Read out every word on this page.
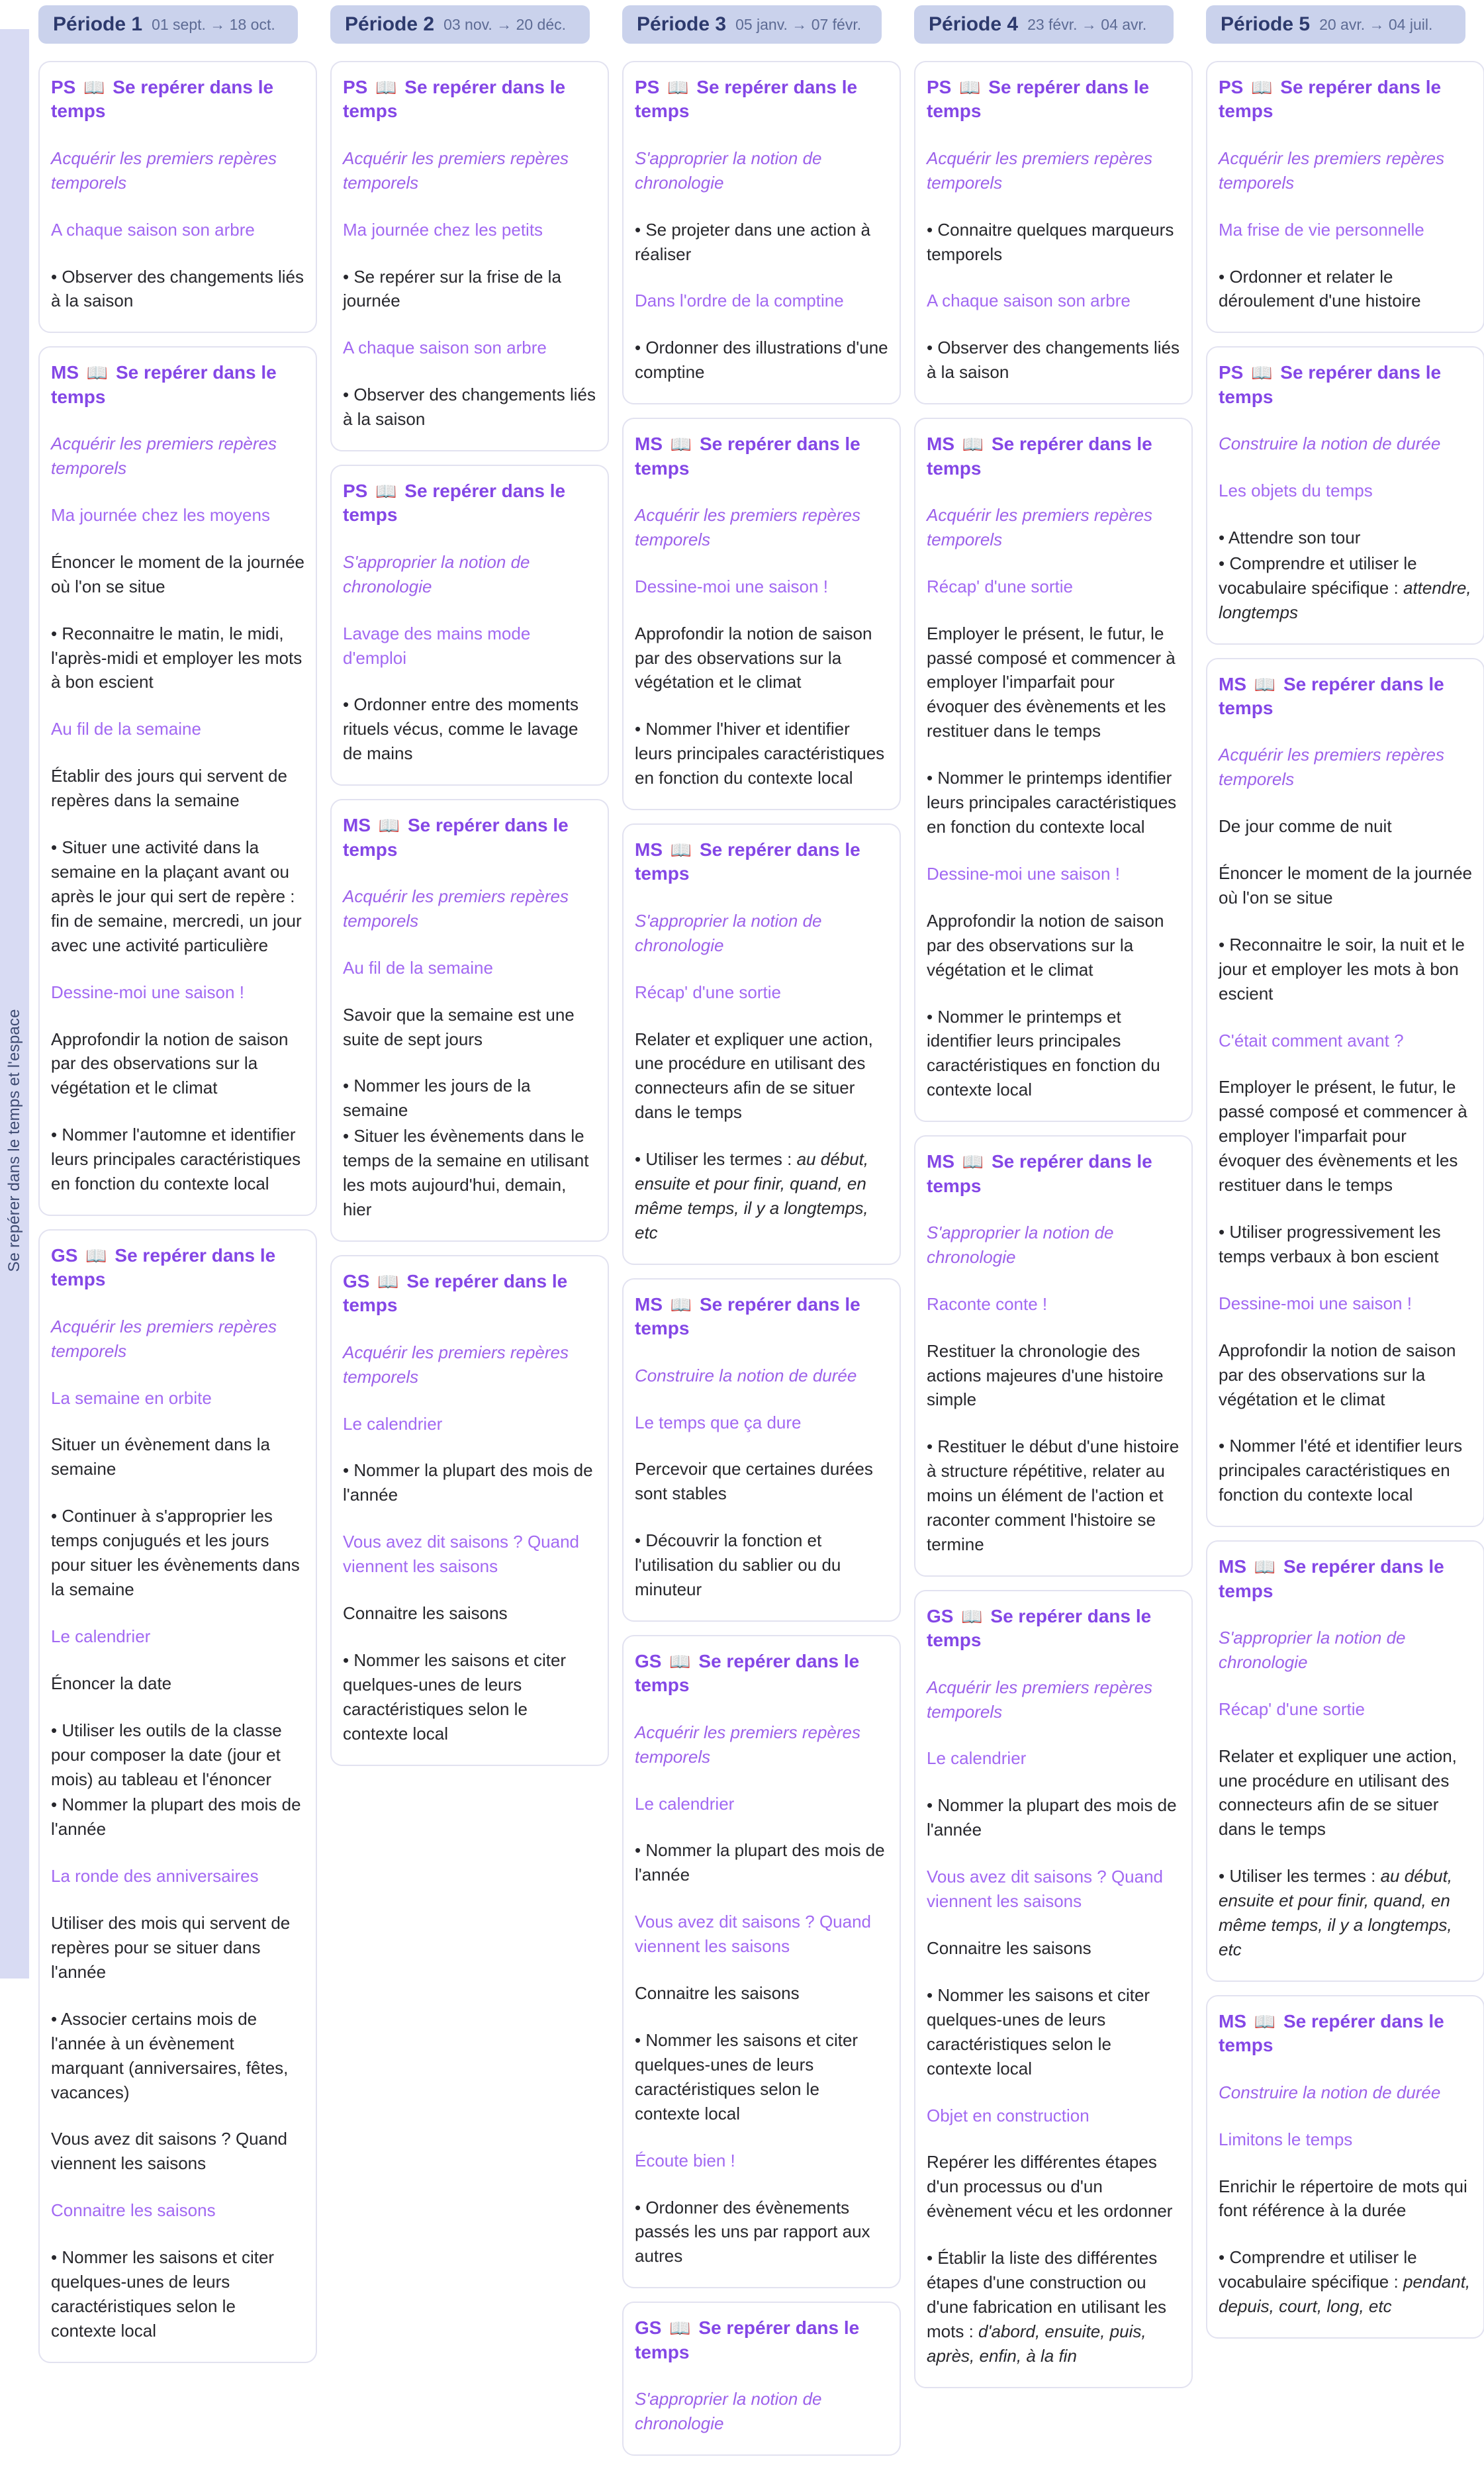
Se repérer dans le temps et l'espace
Période 1 01 sept. → 18 oct.
PS 📖 Se repérer dans le temps
Acquérir les premiers repères temporels
A chaque saison son arbre
• Observer des changements liés à la saison
MS 📖 Se repérer dans le temps
Acquérir les premiers repères temporels
Ma journée chez les moyens
Énoncer le moment de la journée où l'on se situe
• Reconnaitre le matin, le midi, l'après-midi et employer les mots à bon escient
Au fil de la semaine
Établir des jours qui servent de repères dans la semaine
• Situer une activité dans la semaine en la plaçant avant ou après le jour qui sert de repère : fin de semaine, mercredi, un jour avec une activité particulière
Dessine-moi une saison !
Approfondir la notion de saison par des observations sur la végétation et le climat
• Nommer l'automne et identifier leurs principales caractéristiques en fonction du contexte local
GS 📖 Se repérer dans le temps
Acquérir les premiers repères temporels
La semaine en orbite
Situer un évènement dans la semaine
• Continuer à s'approprier les temps conjugués et les jours pour situer les évènements dans la semaine
Le calendrier
Énoncer la date
• Utiliser les outils de la classe pour composer la date (jour et mois) au tableau et l'énoncer
• Nommer la plupart des mois de l'année
La ronde des anniversaires
Utiliser des mois qui servent de repères pour se situer dans l'année
• Associer certains mois de l'année à un évènement marquant (anniversaires, fêtes, vacances)
Vous avez dit saisons ? Quand viennent les saisons
Connaitre les saisons
• Nommer les saisons et citer quelques-unes de leurs caractéristiques selon le contexte local
Période 2 03 nov. → 20 déc.
PS 📖 Se repérer dans le temps
Acquérir les premiers repères temporels
Ma journée chez les petits
• Se repérer sur la frise de la journée
A chaque saison son arbre
• Observer des changements liés à la saison
PS 📖 Se repérer dans le temps
S'approprier la notion de chronologie
Lavage des mains mode d'emploi
• Ordonner entre des moments rituels vécus, comme le lavage de mains
MS 📖 Se repérer dans le temps
Acquérir les premiers repères temporels
Au fil de la semaine
Savoir que la semaine est une suite de sept jours
• Nommer les jours de la semaine
• Situer les évènements dans le temps de la semaine en utilisant les mots aujourd'hui, demain, hier
GS 📖 Se repérer dans le temps
Acquérir les premiers repères temporels
Le calendrier
• Nommer la plupart des mois de l'année
Vous avez dit saisons ? Quand viennent les saisons
Connaitre les saisons
• Nommer les saisons et citer quelques-unes de leurs caractéristiques selon le contexte local
Période 3 05 janv. → 07 févr.
PS 📖 Se repérer dans le temps
S'approprier la notion de chronologie
• Se projeter dans une action à réaliser
Dans l'ordre de la comptine
• Ordonner des illustrations d'une comptine
MS 📖 Se repérer dans le temps
Acquérir les premiers repères temporels
Dessine-moi une saison !
Approfondir la notion de saison par des observations sur la végétation et le climat
• Nommer l'hiver et identifier leurs principales caractéristiques en fonction du contexte local
MS 📖 Se repérer dans le temps
S'approprier la notion de chronologie
Récap' d'une sortie
Relater et expliquer une action, une procédure en utilisant des connecteurs afin de se situer dans le temps
• Utiliser les termes : au début, ensuite et pour finir, quand, en même temps, il y a longtemps, etc
MS 📖 Se repérer dans le temps
Construire la notion de durée
Le temps que ça dure
Percevoir que certaines durées sont stables
• Découvrir la fonction et l'utilisation du sablier ou du minuteur
GS 📖 Se repérer dans le temps
Acquérir les premiers repères temporels
Le calendrier
• Nommer la plupart des mois de l'année
Vous avez dit saisons ? Quand viennent les saisons
Connaitre les saisons
• Nommer les saisons et citer quelques-unes de leurs caractéristiques selon le contexte local
Écoute bien !
• Ordonner des évènements passés les uns par rapport aux autres
GS 📖 Se repérer dans le temps
S'approprier la notion de chronologie
Période 4 23 févr. → 04 avr.
PS 📖 Se repérer dans le temps
Acquérir les premiers repères temporels
• Connaitre quelques marqueurs temporels
A chaque saison son arbre
• Observer des changements liés à la saison
MS 📖 Se repérer dans le temps
Acquérir les premiers repères temporels
Récap' d'une sortie
Employer le présent, le futur, le passé composé et commencer à employer l'imparfait pour évoquer des évènements et les restituer dans le temps
• Nommer le printemps identifier leurs principales caractéristiques en fonction du contexte local
Dessine-moi une saison !
Approfondir la notion de saison par des observations sur la végétation et le climat
• Nommer le printemps et identifier leurs principales caractéristiques en fonction du contexte local
MS 📖 Se repérer dans le temps
S'approprier la notion de chronologie
Raconte conte !
Restituer la chronologie des actions majeures d'une histoire simple
• Restituer le début d'une histoire à structure répétitive, relater au moins un élément de l'action et raconter comment l'histoire se termine
GS 📖 Se repérer dans le temps
Acquérir les premiers repères temporels
Le calendrier
• Nommer la plupart des mois de l'année
Vous avez dit saisons ? Quand viennent les saisons
Connaitre les saisons
• Nommer les saisons et citer quelques-unes de leurs caractéristiques selon le contexte local
Objet en construction
Repérer les différentes étapes d'un processus ou d'un évènement vécu et les ordonner
• Établir la liste des différentes étapes d'une construction ou d'une fabrication en utilisant les mots : d'abord, ensuite, puis, après, enfin, à la fin
Période 5 20 avr. → 04 juil.
PS 📖 Se repérer dans le temps
Acquérir les premiers repères temporels
Ma frise de vie personnelle
• Ordonner et relater le déroulement d'une histoire
PS 📖 Se repérer dans le temps
Construire la notion de durée
Les objets du temps
• Attendre son tour
• Comprendre et utiliser le vocabulaire spécifique : attendre, longtemps
MS 📖 Se repérer dans le temps
Acquérir les premiers repères temporels
De jour comme de nuit
Énoncer le moment de la journée où l'on se situe
• Reconnaitre le soir, la nuit et le jour et employer les mots à bon escient
C'était comment avant ?
Employer le présent, le futur, le passé composé et commencer à employer l'imparfait pour évoquer des évènements et les restituer dans le temps
• Utiliser progressivement les temps verbaux à bon escient
Dessine-moi une saison !
Approfondir la notion de saison par des observations sur la végétation et le climat
• Nommer l'été et identifier leurs principales caractéristiques en fonction du contexte local
MS 📖 Se repérer dans le temps
S'approprier la notion de chronologie
Récap' d'une sortie
Relater et expliquer une action, une procédure en utilisant des connecteurs afin de se situer dans le temps
• Utiliser les termes : au début, ensuite et pour finir, quand, en même temps, il y a longtemps, etc
MS 📖 Se repérer dans le temps
Construire la notion de durée
Limitons le temps
Enrichir le répertoire de mots qui font référence à la durée
• Comprendre et utiliser le vocabulaire spécifique : pendant, depuis, court, long, etc
